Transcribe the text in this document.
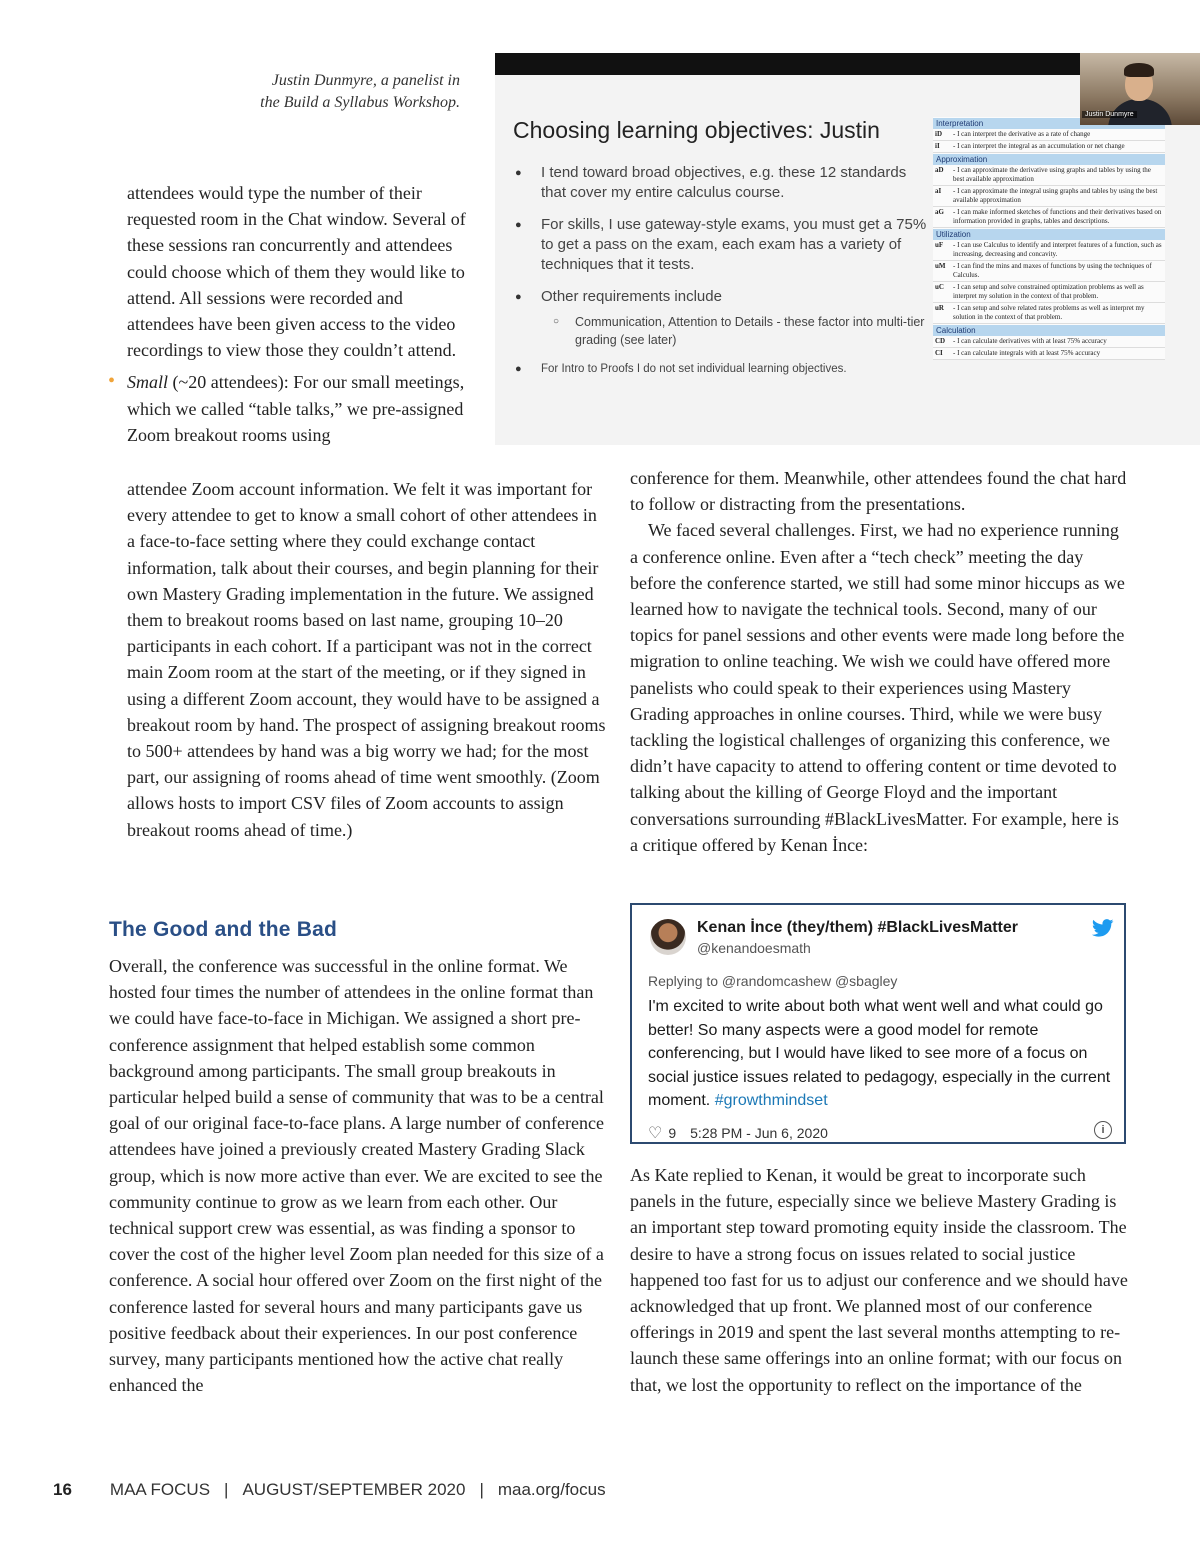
Justin Dunmyre, a panelist in
the Build a Syllabus Workshop.
Choosing learning objectives: Justin
● I tend toward broad objectives, e.g. these 12 standards that cover my entire calculus course.
● For skills, I use gateway-style exams, you must get a 75% to get a pass on the exam, each exam has a variety of techniques that it tests.
● Other requirements include
○ Communication, Attention to Details - these factor into multi-tier grading (see later)
● For Intro to Proofs I do not set individual learning objectives.
Interpretation
iD	- I can interpret the derivative as a rate of change
iI	- I can interpret the integral as an accumulation or net change
Approximation
aD	- I can approximate the derivative using graphs and tables by using the best available approximation
aI	- I can approximate the integral using graphs and tables by using the best available approximation
aG	- I can make informed sketches of functions and their derivatives based on information provided in graphs, tables and descriptions.
Utilization
uF	- I can use Calculus to identify and interpret features of a function, such as increasing, decreasing and concavity.
uM	- I can find the mins and maxes of functions by using the techniques of Calculus.
uC	- I can setup and solve constrained optimization problems as well as interpret my solution in the context of that problem.
uR	- I can setup and solve related rates problems as well as interpret my solution in the context of that problem.
Calculation
CD	- I can calculate derivatives with at least 75% accuracy
CI	- I can calculate integrals with at least 75% accuracy
Justin Dunmyre

attendees would type the number of their requested room in the Chat window. Several of these sessions ran concurrently and attendees could choose which of them they would like to attend. All sessions were recorded and attendees have been given access to the video recordings to view those they couldn’t attend.

• Small (~20 attendees): For our small meetings, which we called “table talks,” we pre-assigned Zoom breakout rooms using

attendee Zoom account information. We felt it was important for every attendee to get to know a small cohort of other attendees in a face-to-face setting where they could exchange contact information, talk about their courses, and begin planning for their own Mastery Grading implementation in the future. We assigned them to breakout rooms based on last name, grouping 10–20 participants in each cohort. If a participant was not in the correct main Zoom room at the start of the meeting, or if they signed in using a different Zoom account, they would have to be assigned a breakout room by hand. The prospect of assigning breakout rooms to 500+ attendees by hand was a big worry we had; for the most part, our assigning of rooms ahead of time went smoothly. (Zoom allows hosts to import CSV files of Zoom accounts to assign breakout rooms ahead of time.)

The Good and the Bad

Overall, the conference was successful in the online format. We hosted four times the number of attendees in the online format than we could have face-to-face in Michigan. We assigned a short pre-conference assignment that helped establish some common background among participants. The small group breakouts in particular helped build a sense of community that was to be a central goal of our original face-to-face plans. A large number of conference attendees have joined a previously created Mastery Grading Slack group, which is now more active than ever. We are excited to see the community continue to grow as we learn from each other. Our technical support crew was essential, as was finding a sponsor to cover the cost of the higher level Zoom plan needed for this size of a conference. A social hour offered over Zoom on the first night of the conference lasted for several hours and many participants gave us positive feedback about their experiences. In our post conference survey, many participants mentioned how the active chat really enhanced the

conference for them. Meanwhile, other attendees found the chat hard to follow or distracting from the presentations.

We faced several challenges. First, we had no experience running a conference online. Even after a “tech check” meeting the day before the conference started, we still had some minor hiccups as we learned how to navigate the technical tools. Second, many of our topics for panel sessions and other events were made long before the migration to online teaching. We wish we could have offered more panelists who could speak to their experiences using Mastery Grading approaches in online courses. Third, while we were busy tackling the logistical challenges of organizing this conference, we didn’t have capacity to attend to offering content or time devoted to talking about the killing of George Floyd and the important conversations surrounding #BlackLivesMatter. For example, here is a critique offered by Kenan İnce:

Kenan İnce (they/them) #BlackLivesMatter
@kenandoesmath
Replying to @randomcashew @sbagley
I'm excited to write about both what went well and what could go better! So many aspects were a good model for remote conferencing, but I would have liked to see more of a focus on social justice issues related to pedagogy, especially in the current moment. #growthmindset
♡ 9 5:28 PM - Jun 6, 2020	i

As Kate replied to Kenan, it would be great to incorporate such panels in the future, especially since we believe Mastery Grading is an important step toward promoting equity inside the classroom. The desire to have a strong focus on issues related to social justice happened too fast for us to adjust our conference and we should have acknowledged that up front. We planned most of our conference offerings in 2019 and spent the last several months attempting to re-launch these same offerings into an online format; with our focus on that, we lost the opportunity to reflect on the importance of the

16 MAA FOCUS | AUGUST/SEPTEMBER 2020 | maa.org/focus
